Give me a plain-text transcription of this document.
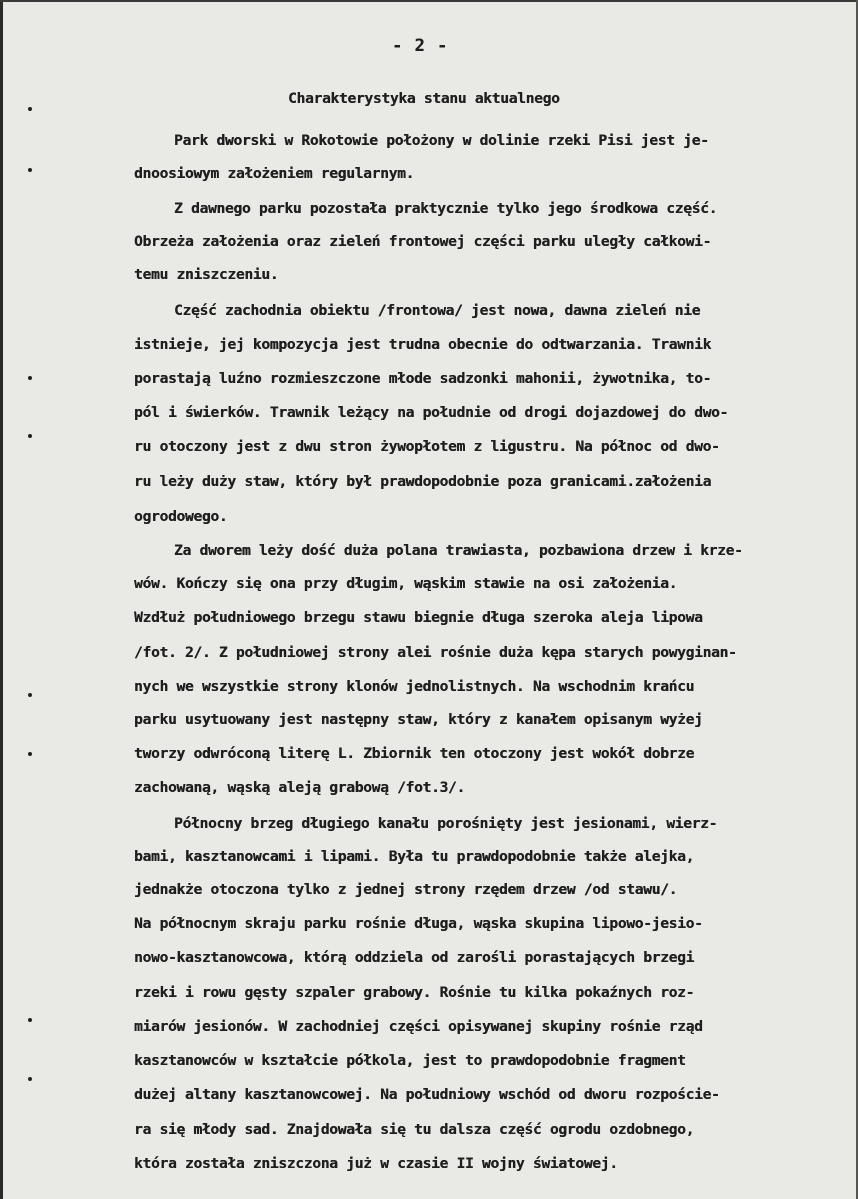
- 2 -
Charakterystyka stanu aktualnego
Park dworski w Rokotowie położony w dolinie rzeki Pisi jest je-
dnoosiowym założeniem regularnym.
Z dawnego parku pozostała praktycznie tylko jego środkowa część.
Obrzeża założenia oraz zieleń frontowej części parku uległy całkowi-
temu zniszczeniu.
Część zachodnia obiektu /frontowa/ jest nowa, dawna zieleń nie
istnieje, jej kompozycja jest trudna obecnie do odtwarzania. Trawnik
porastają luźno rozmieszczone młode sadzonki mahonii, żywotnika, to-
pól i świerków. Trawnik leżący na południe od drogi dojazdowej do dwo-
ru otoczony jest z dwu stron żywopłotem z ligustru. Na północ od dwo-
ru leży duży staw, który był prawdopodobnie poza granicami.założenia
ogrodowego.
Za dworem leży dość duża polana trawiasta, pozbawiona drzew i krze-
wów. Kończy się ona przy długim, wąskim stawie na osi założenia.
Wzdłuż południowego brzegu stawu biegnie długa szeroka aleja lipowa
/fot. 2/. Z południowej strony alei rośnie duża kępa starych powyginan-
nych we wszystkie strony klonów jednolistnych. Na wschodnim krańcu
parku usytuowany jest następny staw, który z kanałem opisanym wyżej
tworzy odwróconą literę L. Zbiornik ten otoczony jest wokół dobrze
zachowaną, wąską aleją grabową /fot.3/.
Północny brzeg długiego kanału porośnięty jest jesionami, wierz-
bami, kasztanowcami i lipami. Była tu prawdopodobnie także alejka,
jednakże otoczona tylko z jednej strony rzędem drzew /od stawu/.
Na północnym skraju parku rośnie długa, wąska skupina lipowo-jesio-
nowo-kasztanowcowa, którą oddziela od zarośli porastających brzegi
rzeki i rowu gęsty szpaler grabowy. Rośnie tu kilka pokaźnych roz-
miarów jesionów. W zachodniej części opisywanej skupiny rośnie rząd
kasztanowców w kształcie półkola, jest to prawdopodobnie fragment
dużej altany kasztanowcowej. Na południowy wschód od dworu rozpoście-
ra się młody sad. Znajdowała się tu dalsza część ogrodu ozdobnego,
która została zniszczona już w czasie II wojny światowej.
